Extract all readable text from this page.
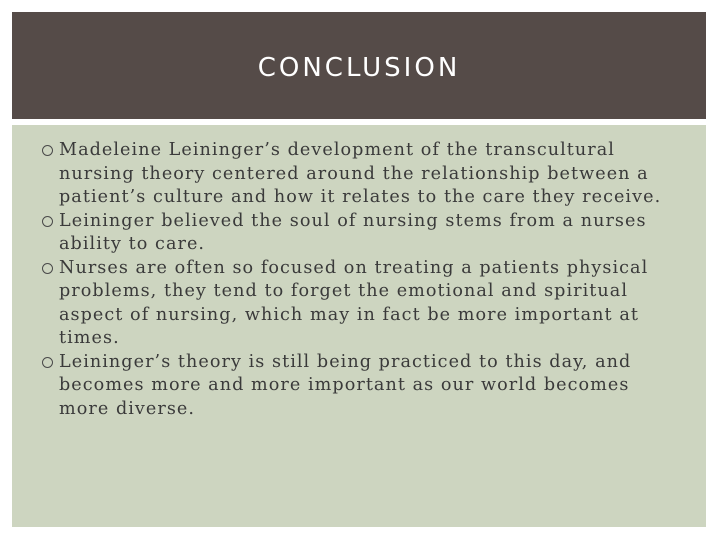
CONCLUSION
Madeleine Leininger’s development of the transcultural nursing theory centered around the relationship between a patient’s culture and how it relates to the care they receive.
Leininger believed the soul of nursing stems from a nurses ability to care.
Nurses are often so focused on treating a patients physical problems, they tend to forget the emotional and spiritual aspect of nursing, which may in fact be more important at times.
Leininger’s theory is still being practiced to this day, and becomes more and more important as our world becomes more diverse.
